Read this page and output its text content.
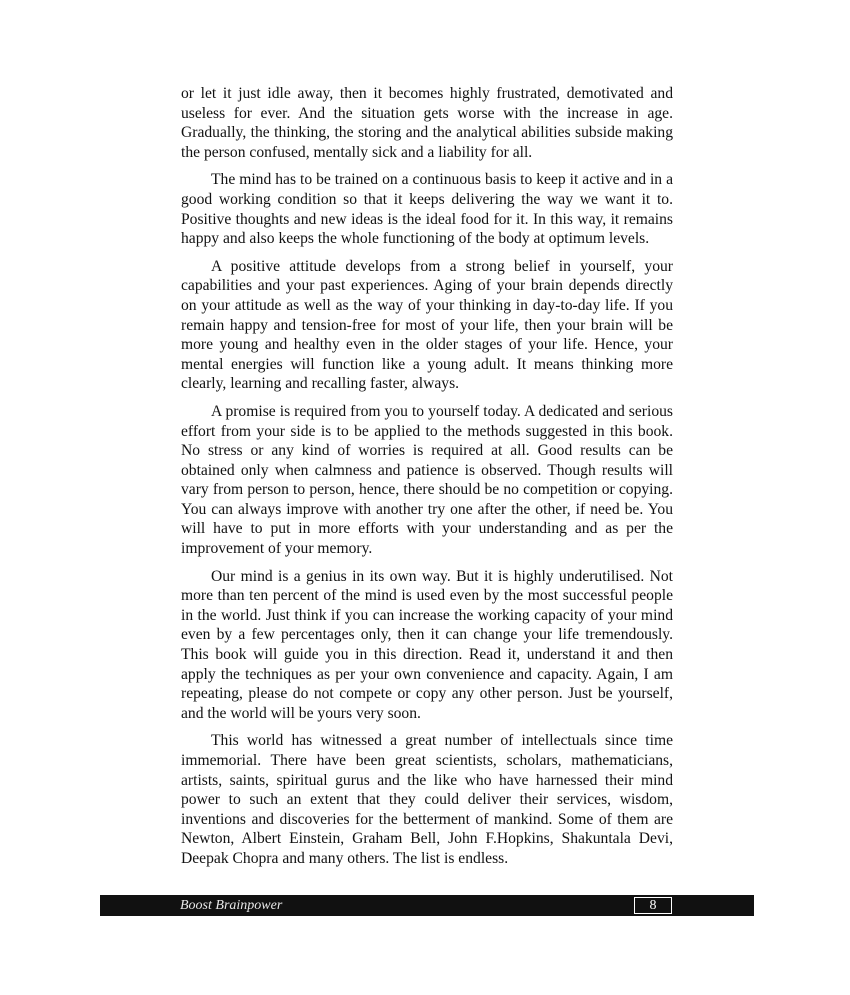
or let it just idle away, then it becomes highly frustrated, demotivated and useless for ever. And the situation gets worse with the increase in age. Gradually, the thinking, the storing and the analytical abilities subside making the person confused, mentally sick and a liability for all.

The mind has to be trained on a continuous basis to keep it active and in a good working condition so that it keeps delivering the way we want it to. Positive thoughts and new ideas is the ideal food for it. In this way, it remains happy and also keeps the whole functioning of the body at optimum levels.

A positive attitude develops from a strong belief in yourself, your capabilities and your past experiences. Aging of your brain depends directly on your attitude as well as the way of your thinking in day-to-day life. If you remain happy and tension-free for most of your life, then your brain will be more young and healthy even in the older stages of your life. Hence, your mental energies will function like a young adult. It means thinking more clearly, learning and recalling faster, always.

A promise is required from you to yourself today. A dedicated and serious effort from your side is to be applied to the methods suggested in this book. No stress or any kind of worries is required at all. Good results can be obtained only when calmness and patience is observed. Though results will vary from person to person, hence, there should be no competition or copying. You can always improve with another try one after the other, if need be. You will have to put in more efforts with your understanding and as per the improvement of your memory.

Our mind is a genius in its own way. But it is highly underutilised. Not more than ten percent of the mind is used even by the most successful people in the world. Just think if you can increase the working capacity of your mind even by a few percentages only, then it can change your life tremendously. This book will guide you in this direction. Read it, understand it and then apply the techniques as per your own convenience and capacity. Again, I am repeating, please do not compete or copy any other person. Just be yourself, and the world will be yours very soon.

This world has witnessed a great number of intellectuals since time immemorial. There have been great scientists, scholars, mathematicians, artists, saints, spiritual gurus and the like who have harnessed their mind power to such an extent that they could deliver their services, wisdom, inventions and discoveries for the betterment of mankind. Some of them are Newton, Albert Einstein, Graham Bell, John F.Hopkins, Shakuntala Devi, Deepak Chopra and many others. The list is endless.

Boost Brainpower	8
